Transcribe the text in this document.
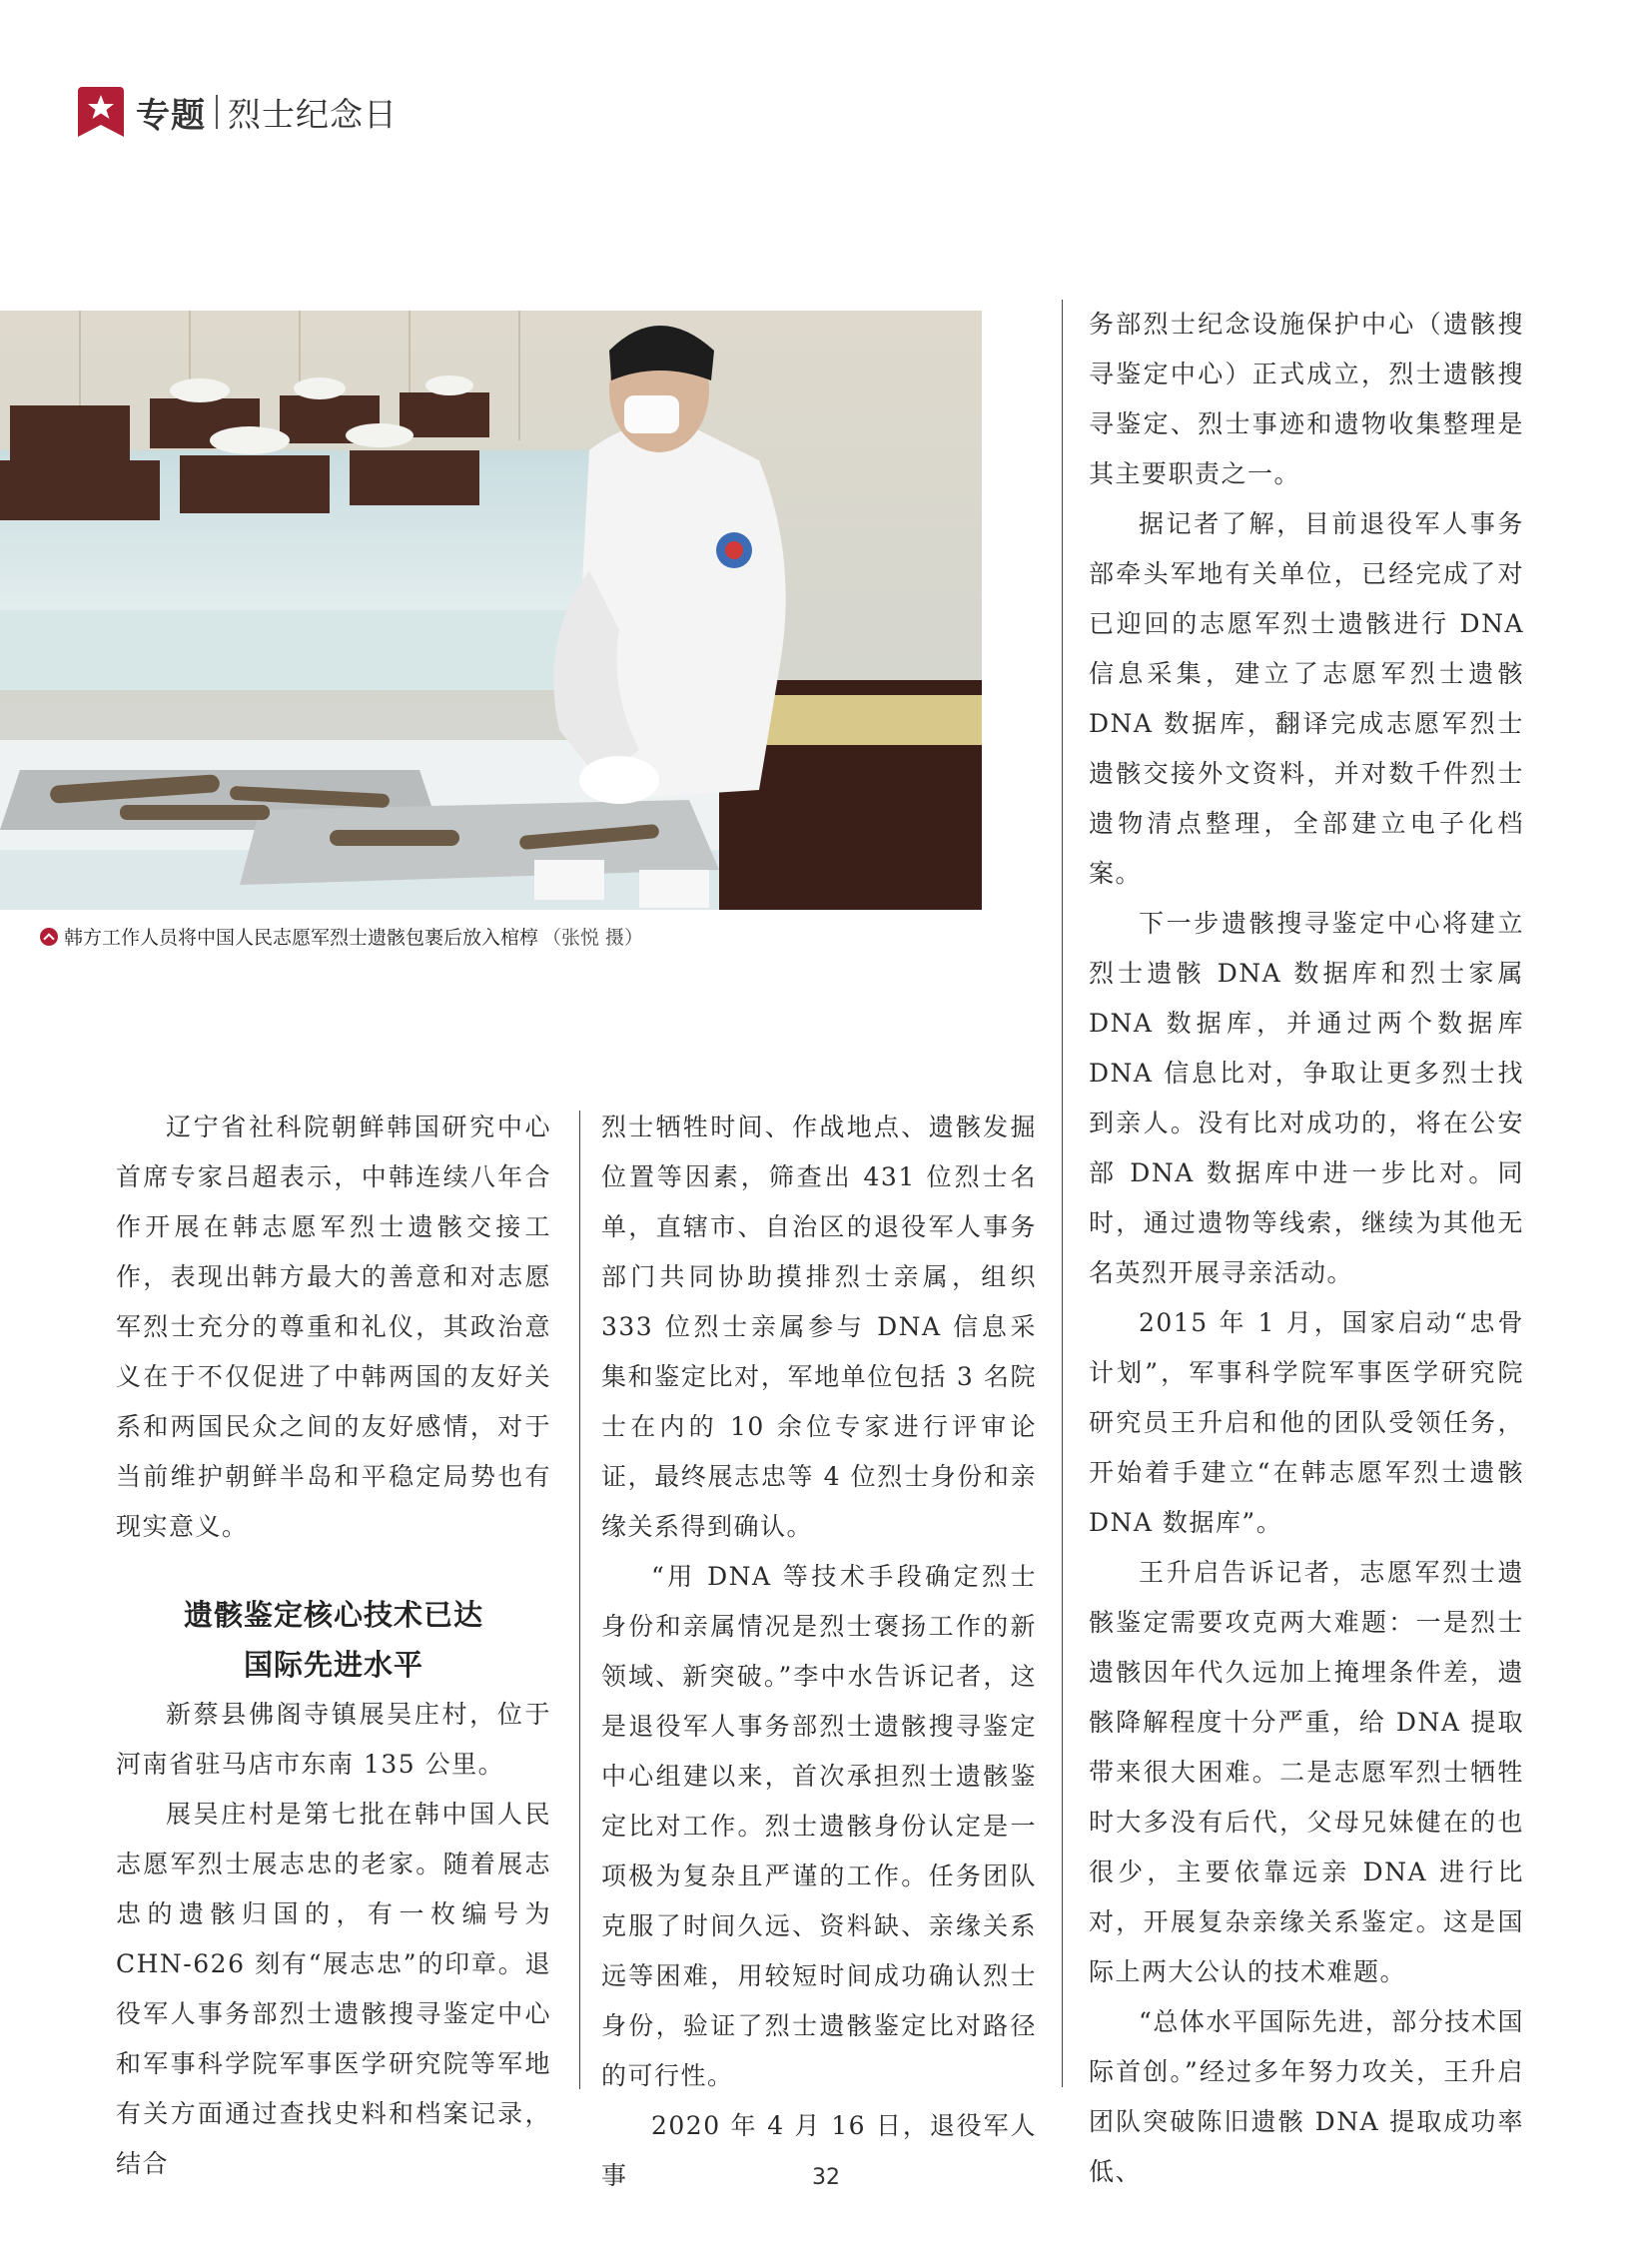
专题 烈士纪念日
韩方工作人员将中国人民志愿军烈士遗骸包裹后放入棺椁 （张悦 摄）

务部烈士纪念设施保护中心（遗骸搜寻鉴定中心）正式成立，烈士遗骸搜寻鉴定、烈士事迹和遗物收集整理是其主要职责之一。

据记者了解，目前退役军人事务部牵头军地有关单位，已经完成了对已迎回的志愿军烈士遗骸进行 DNA 信息采集，建立了志愿军烈士遗骸 DNA 数据库，翻译完成志愿军烈士遗骸交接外文资料，并对数千件烈士遗物清点整理，全部建立电子化档案。

下一步遗骸搜寻鉴定中心将建立烈士遗骸 DNA 数据库和烈士家属 DNA 数据库，并通过两个数据库 DNA 信息比对，争取让更多烈士找到亲人。没有比对成功的，将在公安部 DNA 数据库中进一步比对。同时，通过遗物等线索，继续为其他无名英烈开展寻亲活动。

2015 年 1 月，国家启动“忠骨计划”，军事科学院军事医学研究院研究员王升启和他的团队受领任务，开始着手建立“在韩志愿军烈士遗骸 DNA 数据库”。

王升启告诉记者，志愿军烈士遗骸鉴定需要攻克两大难题：一是烈士遗骸因年代久远加上掩埋条件差，遗骸降解程度十分严重，给 DNA 提取带来很大困难。二是志愿军烈士牺牲时大多没有后代，父母兄妹健在的也很少，主要依靠远亲 DNA 进行比对，开展复杂亲缘关系鉴定。这是国际上两大公认的技术难题。

“总体水平国际先进，部分技术国际首创。”经过多年努力攻关，王升启团队突破陈旧遗骸 DNA 提取成功率低、

辽宁省社科院朝鲜韩国研究中心首席专家吕超表示，中韩连续八年合作开展在韩志愿军烈士遗骸交接工作，表现出韩方最大的善意和对志愿军烈士充分的尊重和礼仪，其政治意义在于不仅促进了中韩两国的友好关系和两国民众之间的友好感情，对于当前维护朝鲜半岛和平稳定局势也有现实意义。

遗骸鉴定核心技术已达
国际先进水平

新蔡县佛阁寺镇展吴庄村，位于河南省驻马店市东南 135 公里。

展吴庄村是第七批在韩中国人民志愿军烈士展志忠的老家。随着展志忠的遗骸归国的，有一枚编号为 CHN-626 刻有“展志忠”的印章。退役军人事务部烈士遗骸搜寻鉴定中心和军事科学院军事医学研究院等军地有关方面通过查找史料和档案记录，结合

烈士牺牲时间、作战地点、遗骸发掘位置等因素，筛查出 431 位烈士名单，直辖市、自治区的退役军人事务部门共同协助摸排烈士亲属，组织 333 位烈士亲属参与 DNA 信息采集和鉴定比对，军地单位包括 3 名院士在内的 10 余位专家进行评审论证，最终展志忠等 4 位烈士身份和亲缘关系得到确认。

“用 DNA 等技术手段确定烈士身份和亲属情况是烈士褒扬工作的新领域、新突破。”李中水告诉记者，这是退役军人事务部烈士遗骸搜寻鉴定中心组建以来，首次承担烈士遗骸鉴定比对工作。烈士遗骸身份认定是一项极为复杂且严谨的工作。任务团队克服了时间久远、资料缺、亲缘关系远等困难，用较短时间成功确认烈士身份，验证了烈士遗骸鉴定比对路径的可行性。

2020 年 4 月 16 日，退役军人事	32
